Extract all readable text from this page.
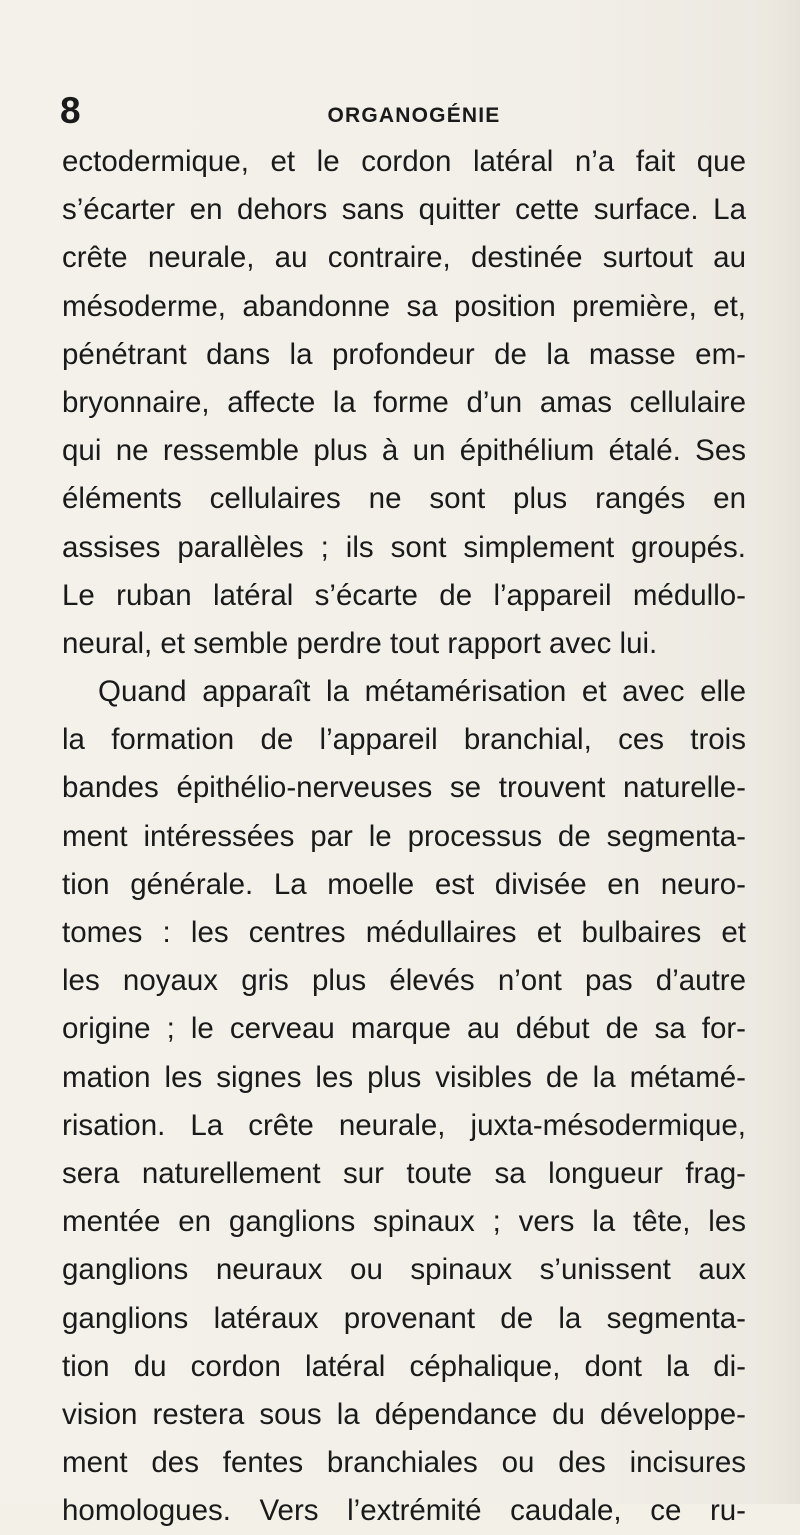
8	ORGANOGÉNIE
ectodermique, et le cordon latéral n’a fait que
s’écarter en dehors sans quitter cette surface. La
crête neurale, au contraire, destinée surtout au
mésoderme, abandonne sa position première, et,
pénétrant dans la profondeur de la masse em-
bryonnaire, affecte la forme d’un amas cellulaire
qui ne ressemble plus à un épithélium étalé. Ses
éléments cellulaires ne sont plus rangés en
assises parallèles ; ils sont simplement groupés.
Le ruban latéral s’écarte de l’appareil médullo-
neural, et semble perdre tout rapport avec lui.
Quand apparaît la métamérisation et avec elle
la formation de l’appareil branchial, ces trois
bandes épithélio-nerveuses se trouvent naturelle-
ment intéressées par le processus de segmenta-
tion générale. La moelle est divisée en neuro-
tomes : les centres médullaires et bulbaires et
les noyaux gris plus élevés n’ont pas d’autre
origine ; le cerveau marque au début de sa for-
mation les signes les plus visibles de la métamé-
risation. La crête neurale, juxta-mésodermique,
sera naturellement sur toute sa longueur frag-
mentée en ganglions spinaux ; vers la tête, les
ganglions neuraux ou spinaux s’unissent aux
ganglions latéraux provenant de la segmenta-
tion du cordon latéral céphalique, dont la di-
vision restera sous la dépendance du développe-
ment des fentes branchiales ou des incisures
homologues. Vers l’extrémité caudale, ce ru-
